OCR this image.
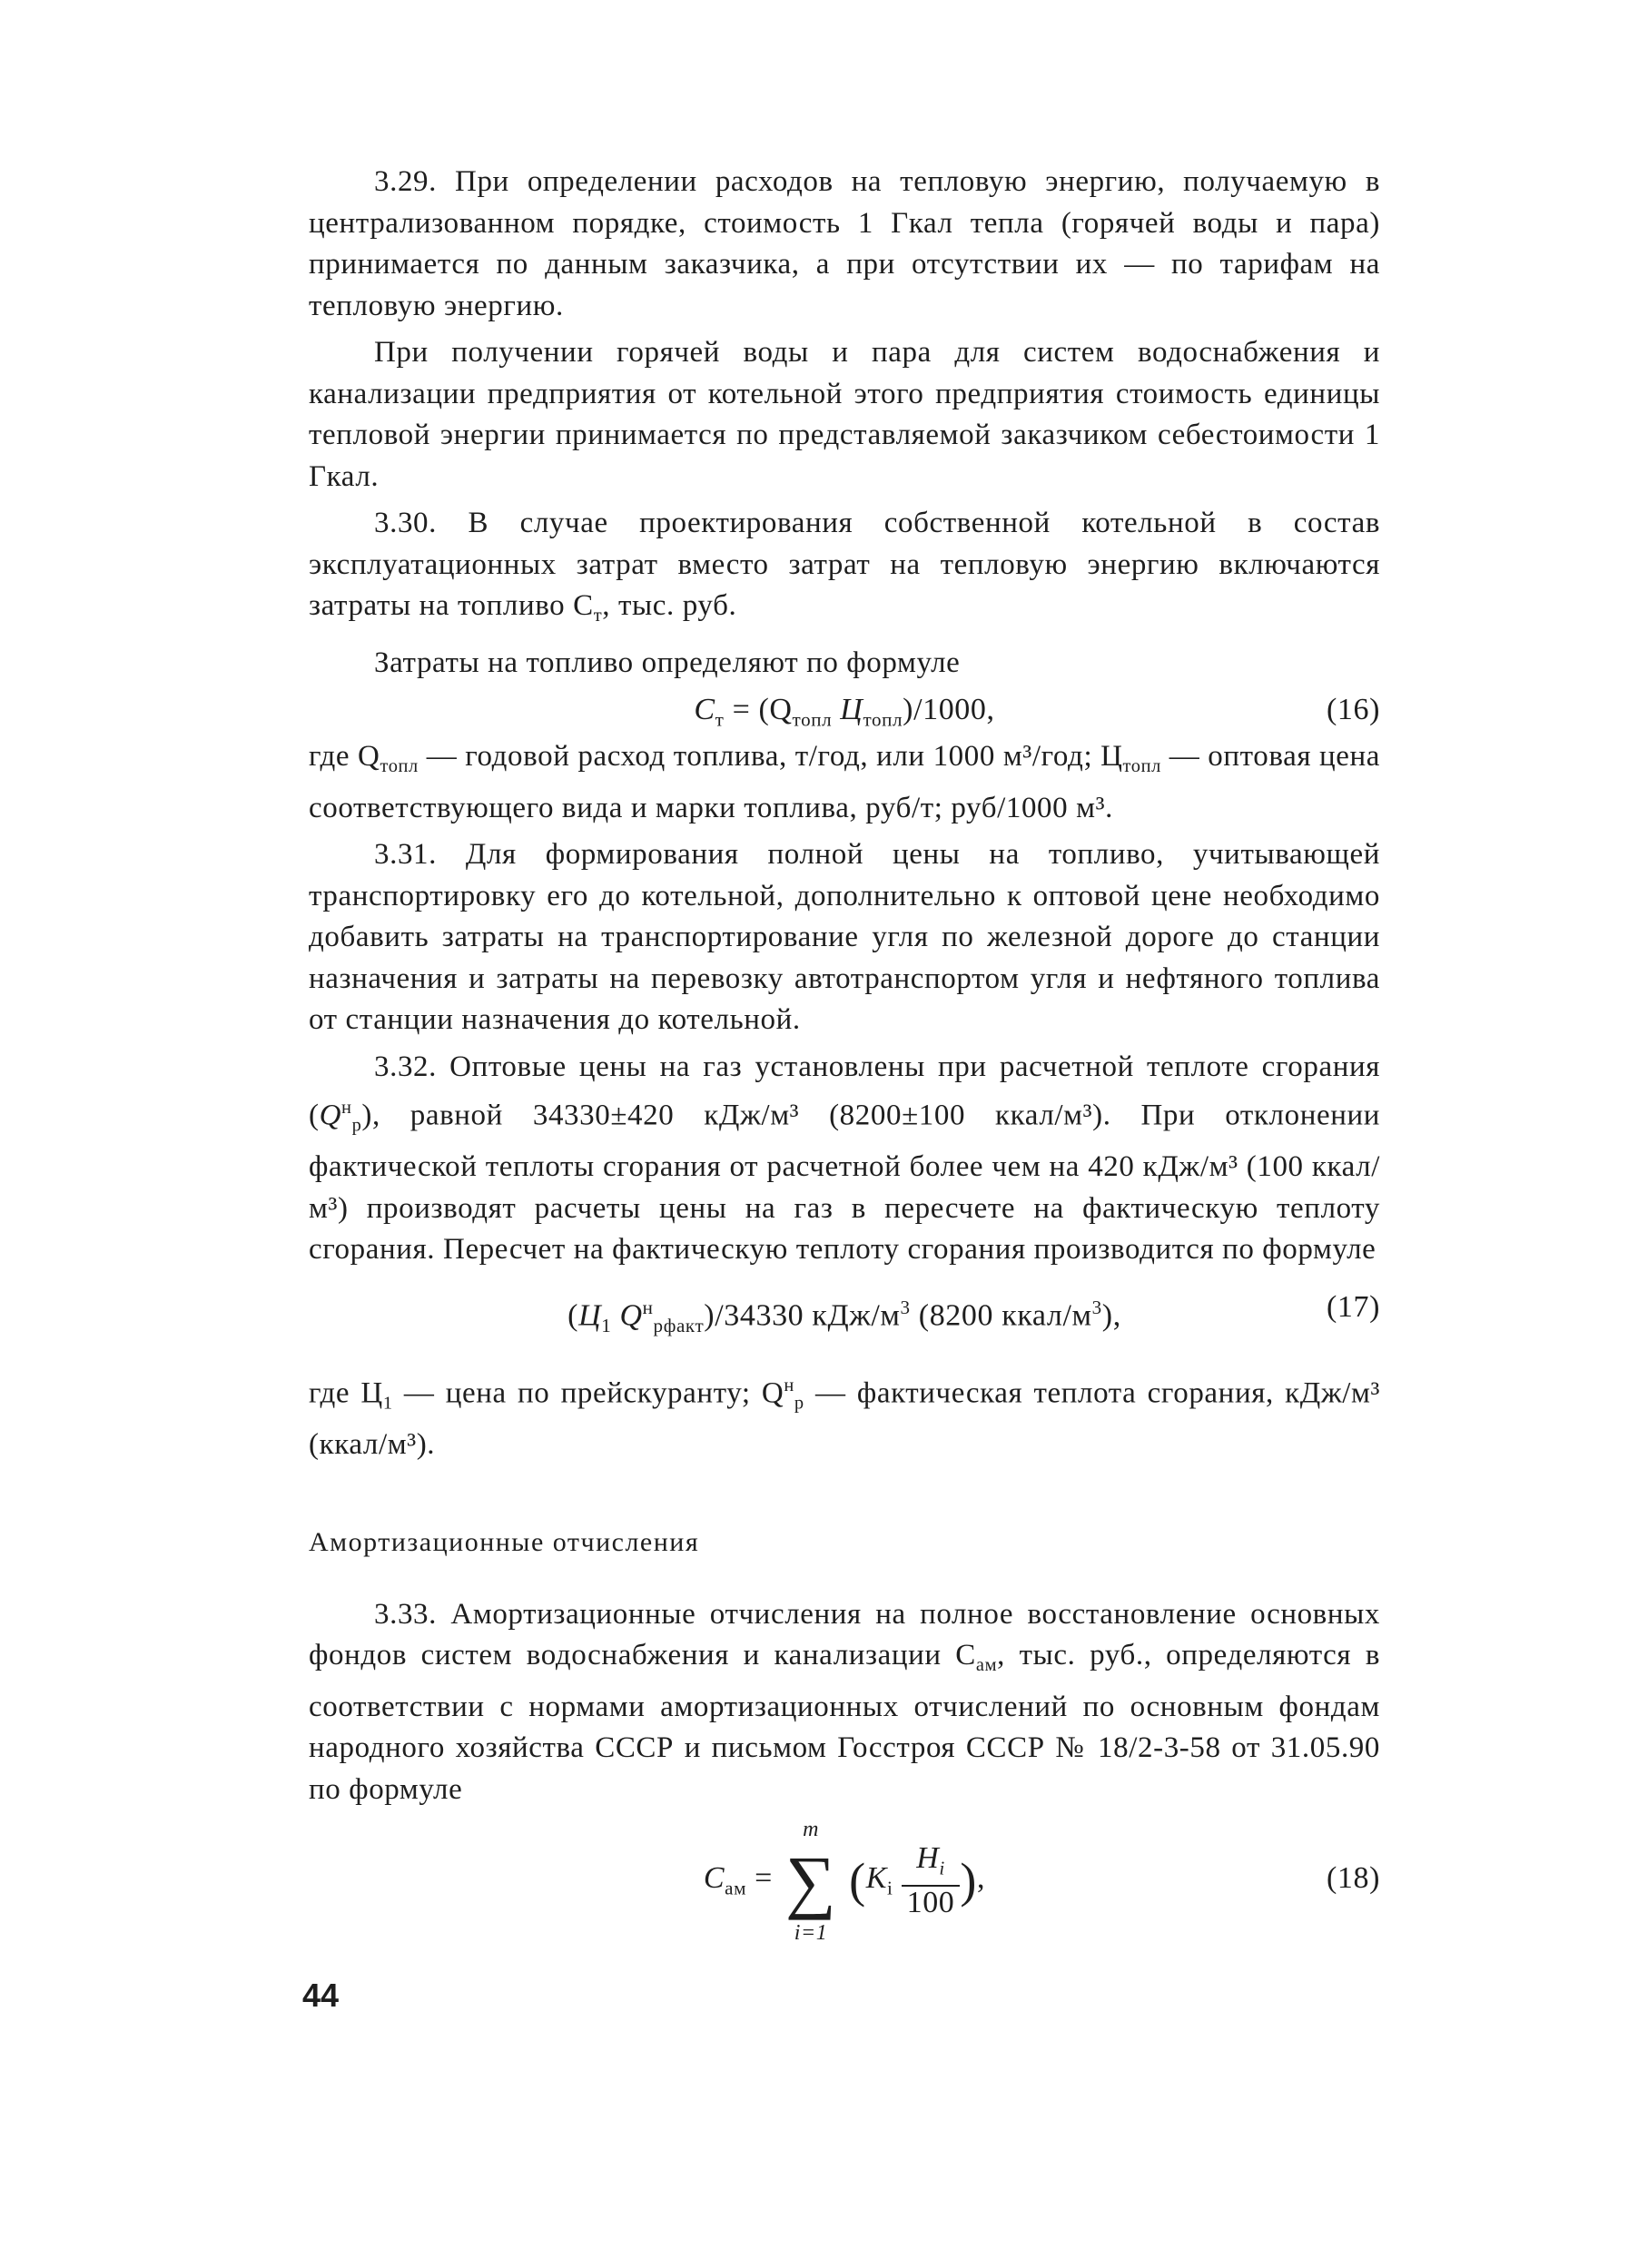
3.29. При определении расходов на тепловую энергию, получаемую в централизованном порядке, стоимость 1 Гкал тепла (горячей воды и пара) принимается по данным заказчика, а при отсутствии их — по тарифам на тепловую энергию.

При получении горячей воды и пара для систем водоснабжения и канализации предприятия от котельной этого предприятия стоимость единицы тепловой энергии принимается по представляемой заказчиком себестоимости 1 Гкал.

3.30. В случае проектирования собственной котельной в состав эксплуатационных затрат вместо затрат на тепловую энергию включаются затраты на топливо $С_т$, тыс. руб.

Затраты на топливо определяют по формуле

$С_т = (Q_{топл}$ $Ц_{топл})/1000$,	(16)

где $Q_{топл}$ — годовой расход топлива, т/год, или 1000 м³/год; $Ц_{топл}$ — оптовая цена соответствующего вида и марки топлива, руб/т; руб/1000 м³.

3.31. Для формирования полной цены на топливо, учитывающей транспортировку его до котельной, дополнительно к оптовой цене необходимо добавить затраты на транспортирование угля по железной дороге до станции назначения и затраты на перевозку автотранспортом угля и нефтяного топлива от станции назначения до котельной.

3.32. Оптовые цены на газ установлены при расчетной теплоте сгорания $(Q^н_р)$, равной 34330±420 кДж/м³ (8200±100 ккал/м³). При отклонении фактической теплоты сгорания от расчетной более чем на 420 кДж/м³ (100 ккал/м³) производят расчеты цены на газ в пересчете на фактическую теплоту сгорания. Пересчет на фактическую теплоту сгорания производится по формуле

($Ц_1$ $Q^н_{рфакт})/34330$ кДж/$м^3$ (8200 ккал/$м^3$),	(17)

где $Ц_1$ — цена по прейскуранту; $Q^н_р$ — фактическая теплота сгорания, кДж/м³ (ккал/м³).

Амортизационные отчисления

3.33. Амортизационные отчисления на полное восстановление основных фондов систем водоснабжения и канализации $С_{ам}$, тыс. руб., определяются в соответствии с нормами амортизационных отчислений по основным фондам народного хозяйства СССР и письмом Госстроя СССР № 18/2-3-58 от 31.05.90 по формуле

$С_{ам}$ =
m
∑
i=1
($K_i \frac{H_i}{100}$ ),	(18)
44
